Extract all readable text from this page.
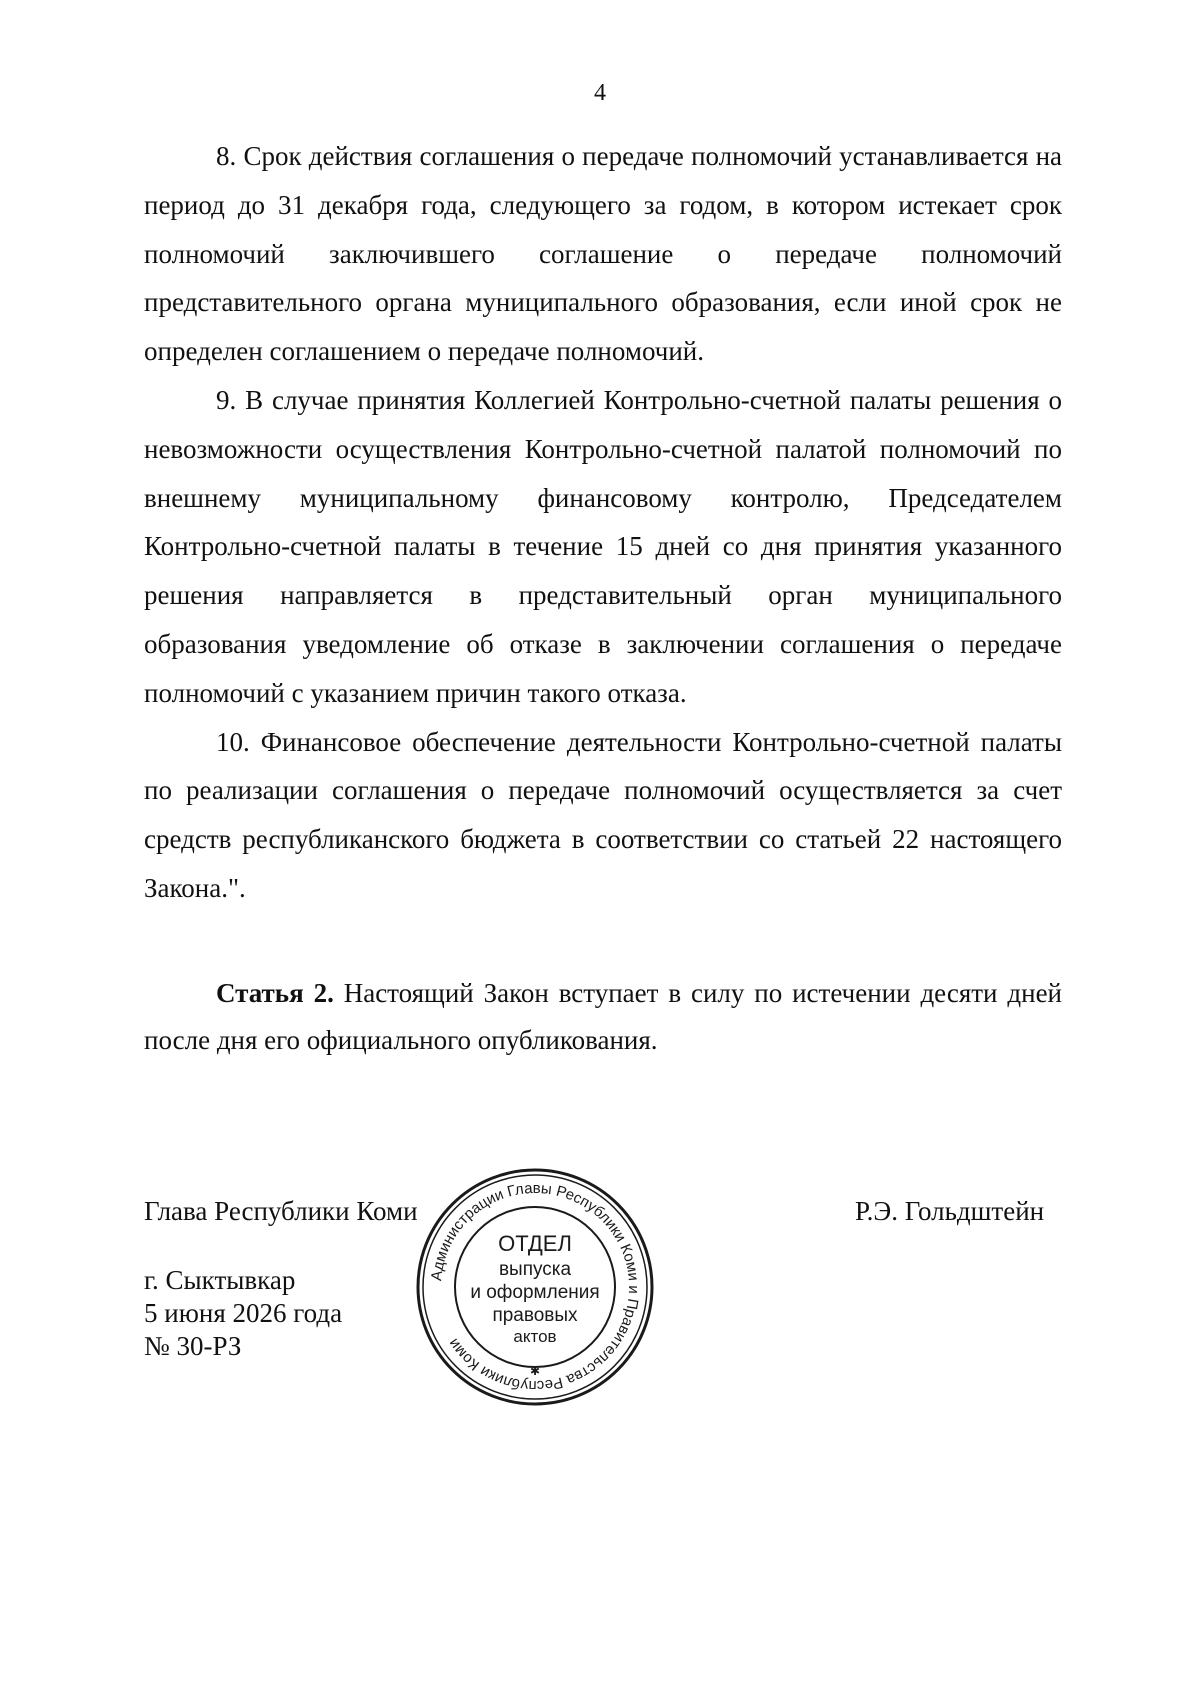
4

8. Срок действия соглашения о передаче полномочий устанавливается на период до 31 декабря года, следующего за годом, в котором истекает срок полномочий заключившего соглашение о передаче полномочий представительного органа муниципального образования, если иной срок не определен соглашением о передаче полномочий.

9. В случае принятия Коллегией Контрольно-счетной палаты решения о невозможности осуществления Контрольно-счетной палатой полномочий по внешнему муниципальному финансовому контролю, Председателем Контрольно-счетной палаты в течение 15 дней со дня принятия указанного решения направляется в представительный орган муниципального образования уведомление об отказе в заключении соглашения о передаче полномочий с указанием причин такого отказа.

10. Финансовое обеспечение деятельности Контрольно-счетной палаты по реализации соглашения о передаче полномочий осуществляется за счет средств республиканского бюджета в соответствии со статьей 22 настоящего Закона.".

Статья 2. Настоящий Закон вступает в силу по истечении десяти дней после дня его официального опубликования.

Глава Республики Коми	Р.Э. Гольдштейн
г. Сыктывкар
5 июня 2026 года
№ 30-РЗ
Администрации Главы Республики Коми и Правительства Республики Коми
ОТДЕЛ
выпуска
и оформления
правовых
актов
✱
